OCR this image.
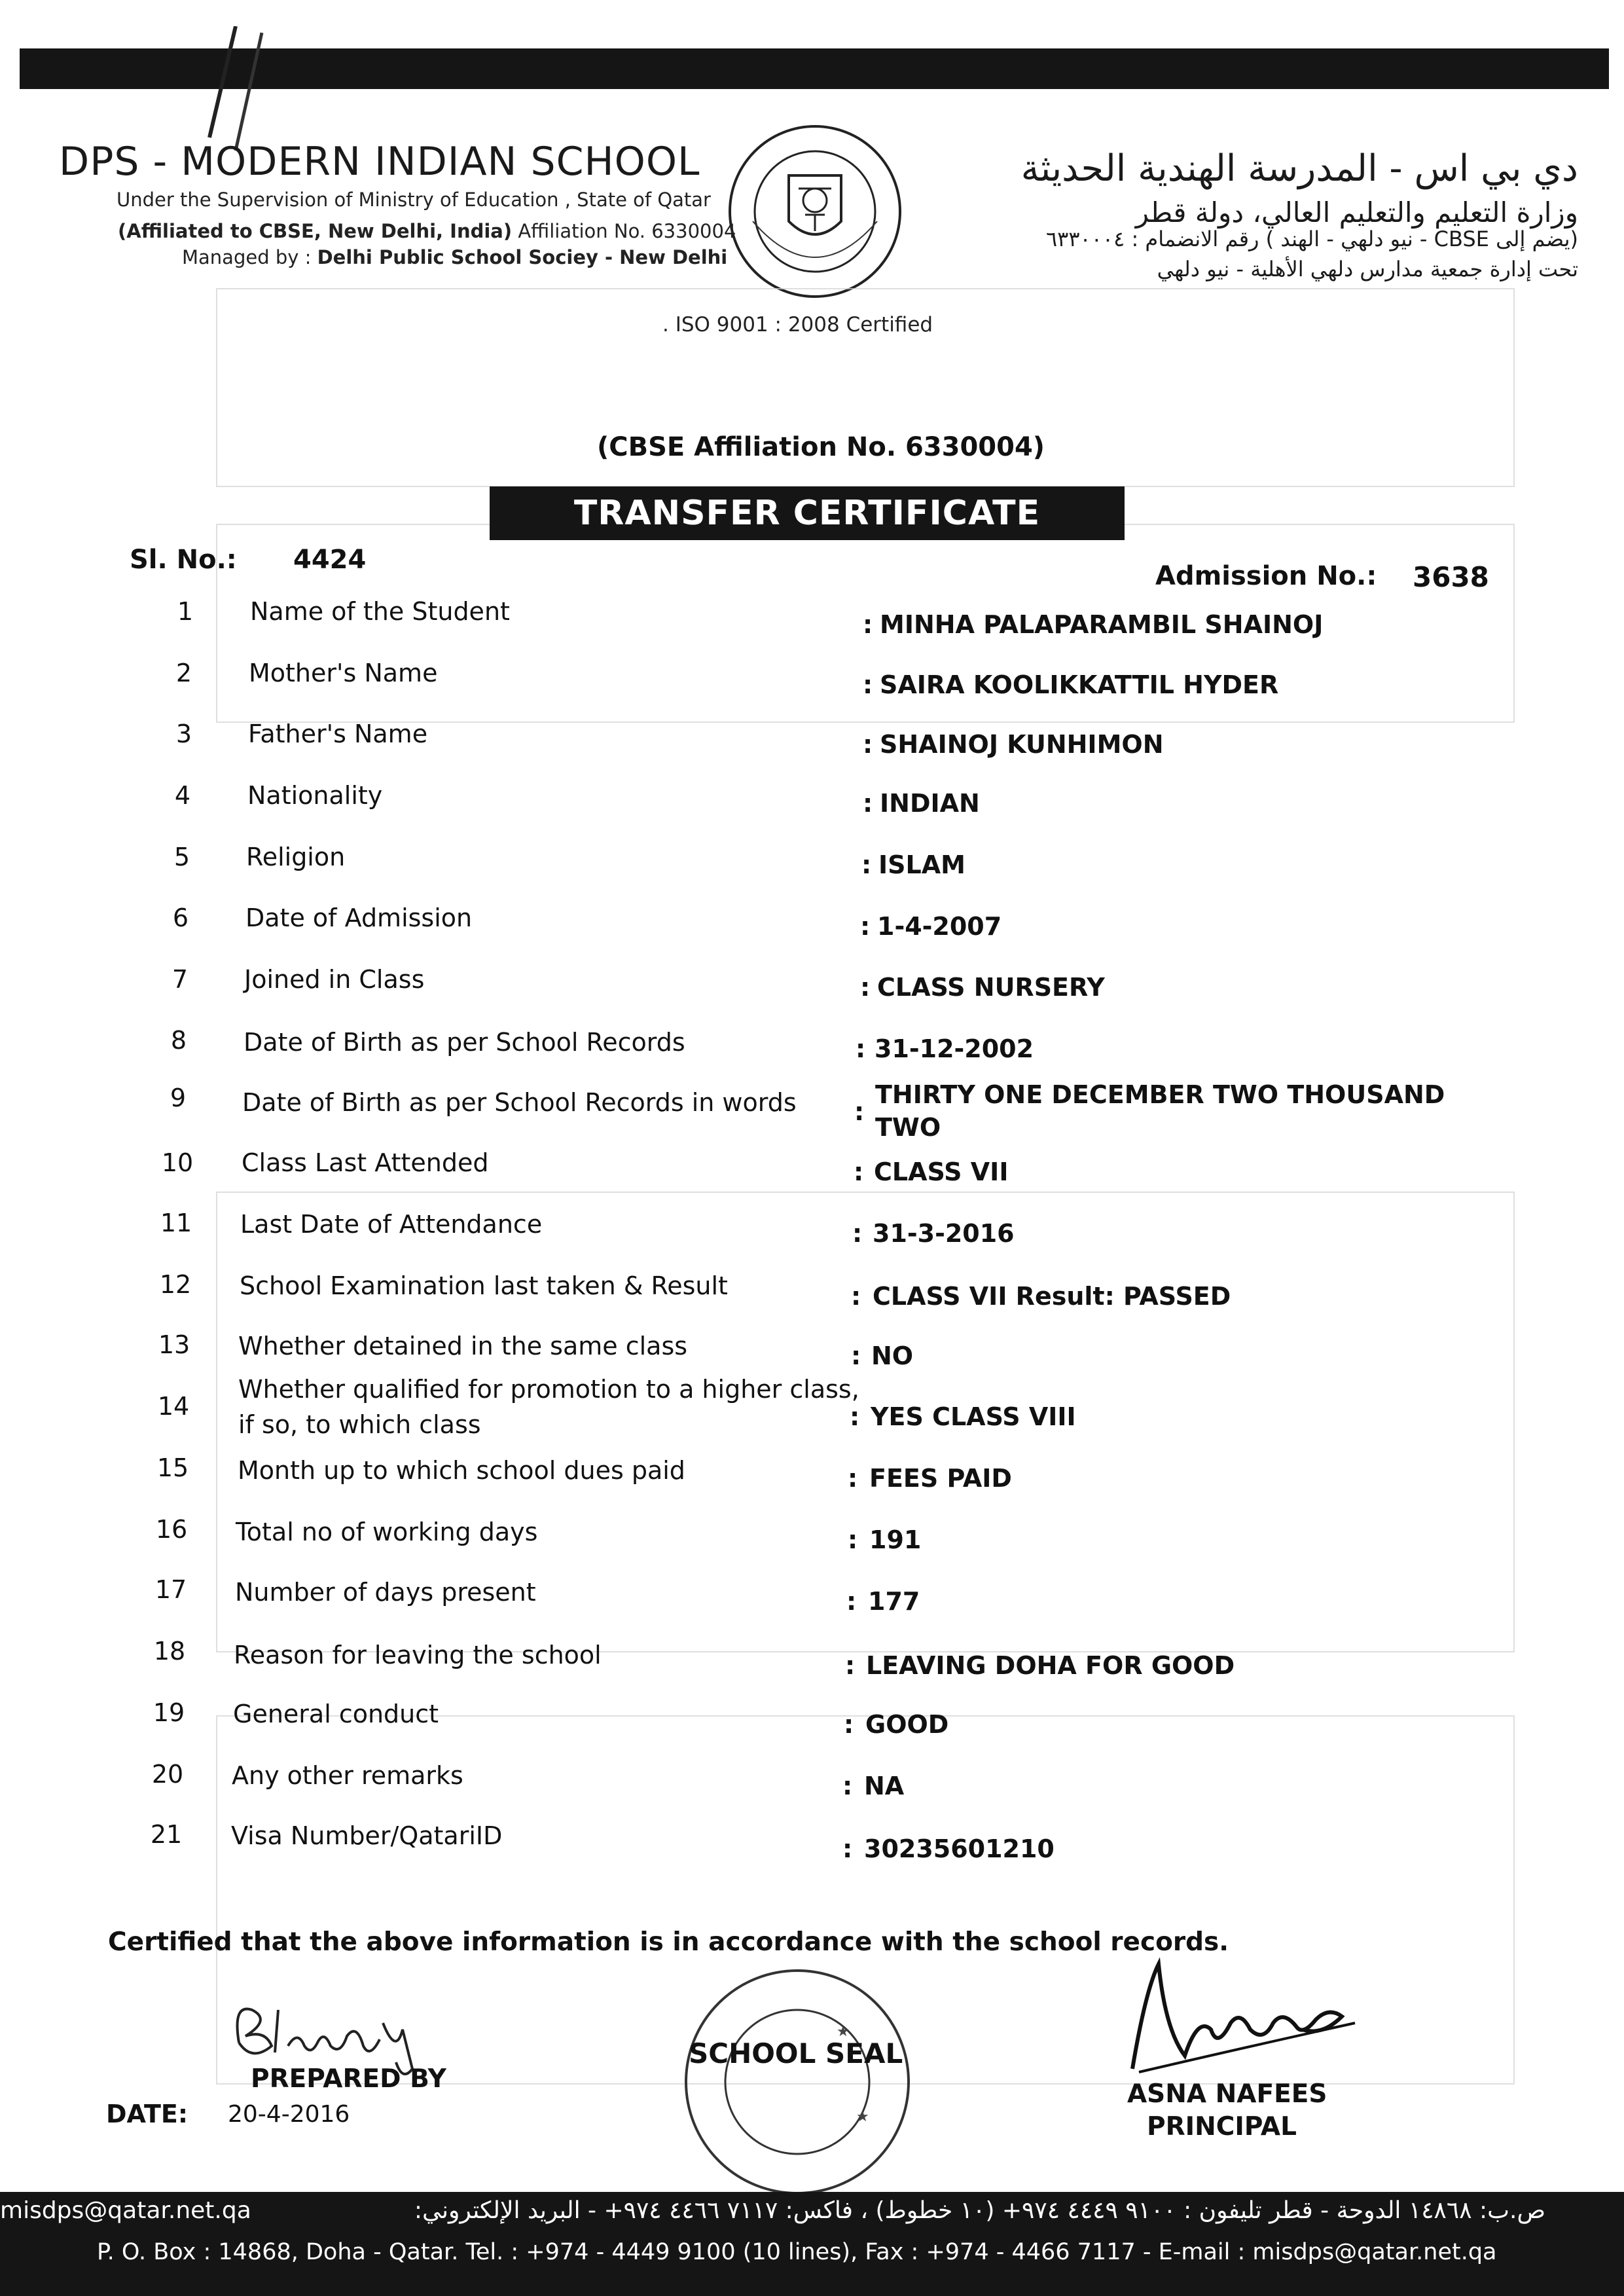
DPS - MODERN INDIAN SCHOOL
Under the Supervision of Ministry of Education , State of Qatar
(Affiliated to CBSE, New Delhi, India) Affiliation No. 6330004
Managed by : Delhi Public School Sociey - New Delhi
. ISO 9001 : 2008 Certified
دي بي اس - المدرسة الهندية الحديثة
وزارة التعليم والتعليم العالي، دولة قطر
(يضم إلى CBSE - نيو دلهي - الهند ) رقم الانضمام : ٦٣٣٠٠٠٤
تحت إدارة جمعية مدارس دلهي الأهلية - نيو دلهي
(CBSE Affiliation No. 6330004)
TRANSFER CERTIFICATE
Sl. No.: 4424
Admission No.: 3638
1	Name of the Student	: MINHA PALAPARAMBIL SHAINOJ
2	Mother's Name	: SAIRA KOOLIKKATTIL HYDER
3	Father's Name	: SHAINOJ KUNHIMON
4	Nationality	: INDIAN
5	Religion	: ISLAM
6	Date of Admission	: 1-4-2007
7	Joined in Class	: CLASS NURSERY
8	Date of Birth as per School Records	: 31-12-2002
9	Date of Birth as per School Records in words :
THIRTY ONE DECEMBER TWO THOUSAND
TWO
10 Class Last Attended	: CLASS VII
11 Last Date of Attendance	: 31-3-2016
12 School Examination last taken & Result	: CLASS VII Result: PASSED
13 Whether detained in the same class	: NO
14
Whether qualified for promotion to a higher class,
if so, to which class	: YES CLASS VIII
15 Month up to which school dues paid	: FEES PAID
16 Total no of working days	: 191
17 Number of days present	: 177
18 Reason for leaving the school	: LEAVING DOHA FOR GOOD
19 General conduct	: GOOD
20 Any other remarks	: NA
21 Visa Number/QatariID	: 30235601210
Certified that the above information is in accordance with the school records.
PREPARED BY
DATE: 20-4-2016
★
★
SCHOOL SEAL
ASNA NAFEES
PRINCIPAL
misdps@qatar.net.qa	ص.ب: ١٤٨٦٨ الدوحة - قطر تليفون : ٩١٠٠ ٤٤٤٩ ٩٧٤+ (١٠ خطوط) ، فاكس: ٧١١٧ ٤٤٦٦ ٩٧٤+ - البريد الإلكتروني:
P. O. Box : 14868, Doha - Qatar. Tel. : +974 - 4449 9100 (10 lines), Fax : +974 - 4466 7117 - E-mail : misdps@qatar.net.qa
